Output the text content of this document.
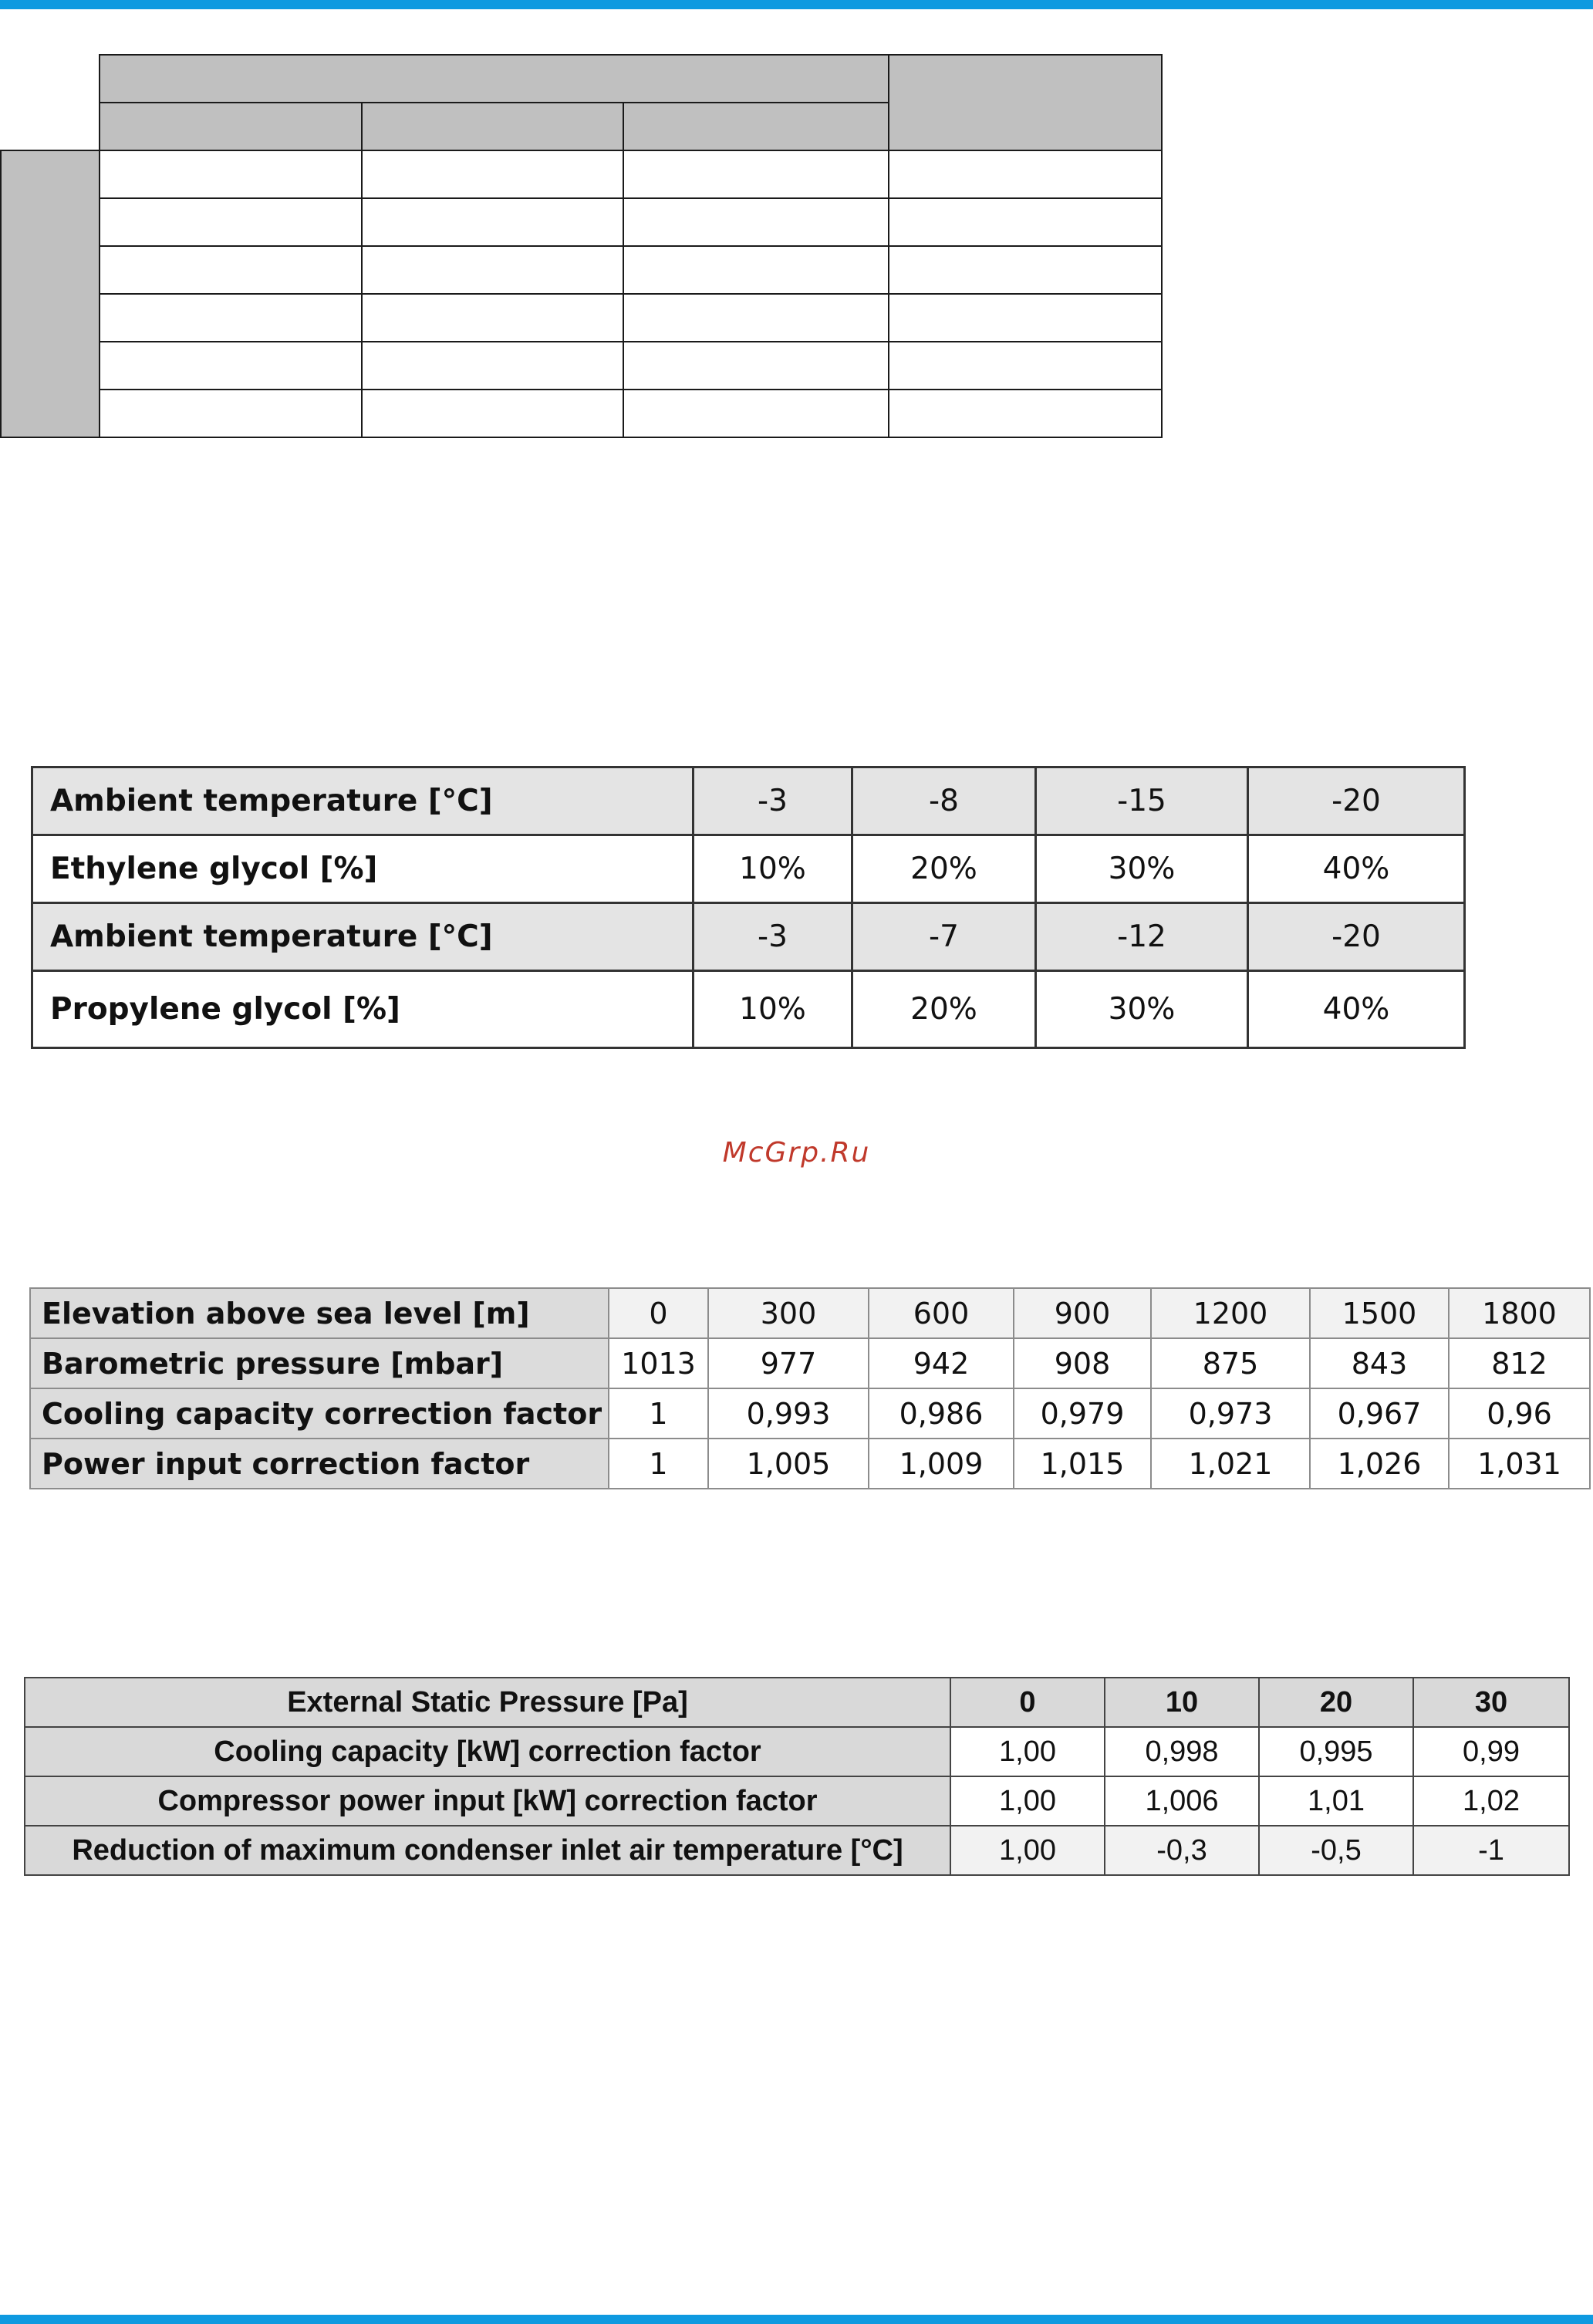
Ambient temperature [°C]	-3	-8	-15	-20
Ethylene glycol [%]	10%	20%	30%	40%
Ambient temperature [°C]	-3	-7	-12	-20
Propylene glycol [%]	10%	20%	30%	40%
McGrp.Ru
Elevation above sea level [m]	0	300	600	900	1200	1500	1800
Barometric pressure [mbar]	1013	977	942	908	875	843	812
Cooling capacity correction factor	1	0,993	0,986	0,979	0,973	0,967	0,96
Power input correction factor	1	1,005	1,009	1,015	1,021	1,026	1,031
External Static Pressure [Pa]	0	10	20	30
Cooling capacity [kW] correction factor	1,00	0,998	0,995	0,99
Compressor power input [kW] correction factor	1,00	1,006	1,01	1,02
Reduction of maximum condenser inlet air temperature [°C]	1,00	-0,3	-0,5	-1
